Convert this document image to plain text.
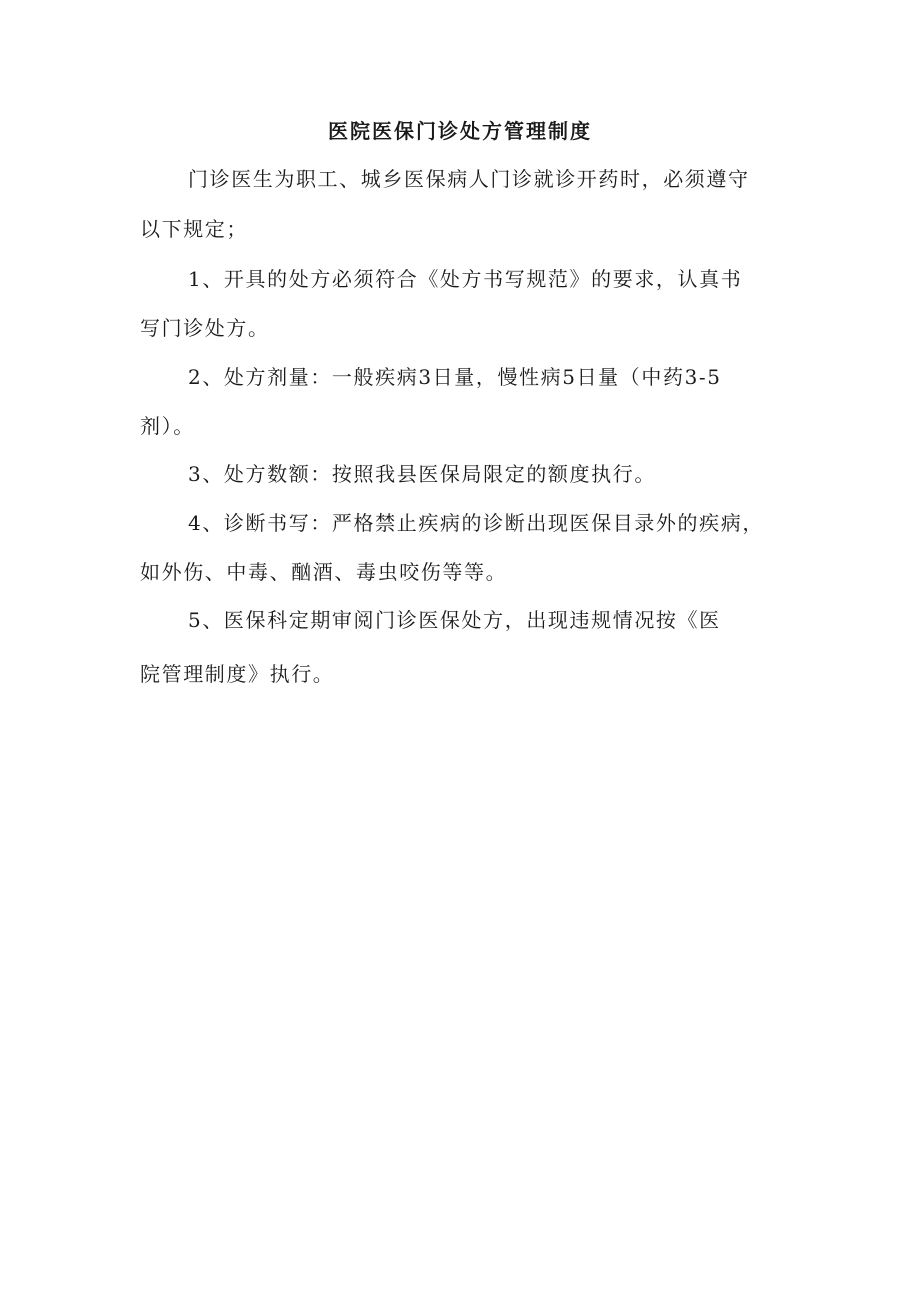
医院医保门诊处方管理制度
门诊医生为职工、城乡医保病人门诊就诊开药时，必须遵守
以下规定；
1、开具的处方必须符合《处方书写规范》的要求，认真书
写门诊处方。
2、处方剂量：一般疾病3日量，慢性病5日量（中药3-5
剂）。
3、处方数额：按照我县医保局限定的额度执行。
4、诊断书写：严格禁止疾病的诊断出现医保目录外的疾病，
如外伤、中毒、酗酒、毒虫咬伤等等。
5、医保科定期审阅门诊医保处方，出现违规情况按《医
院管理制度》执行。
